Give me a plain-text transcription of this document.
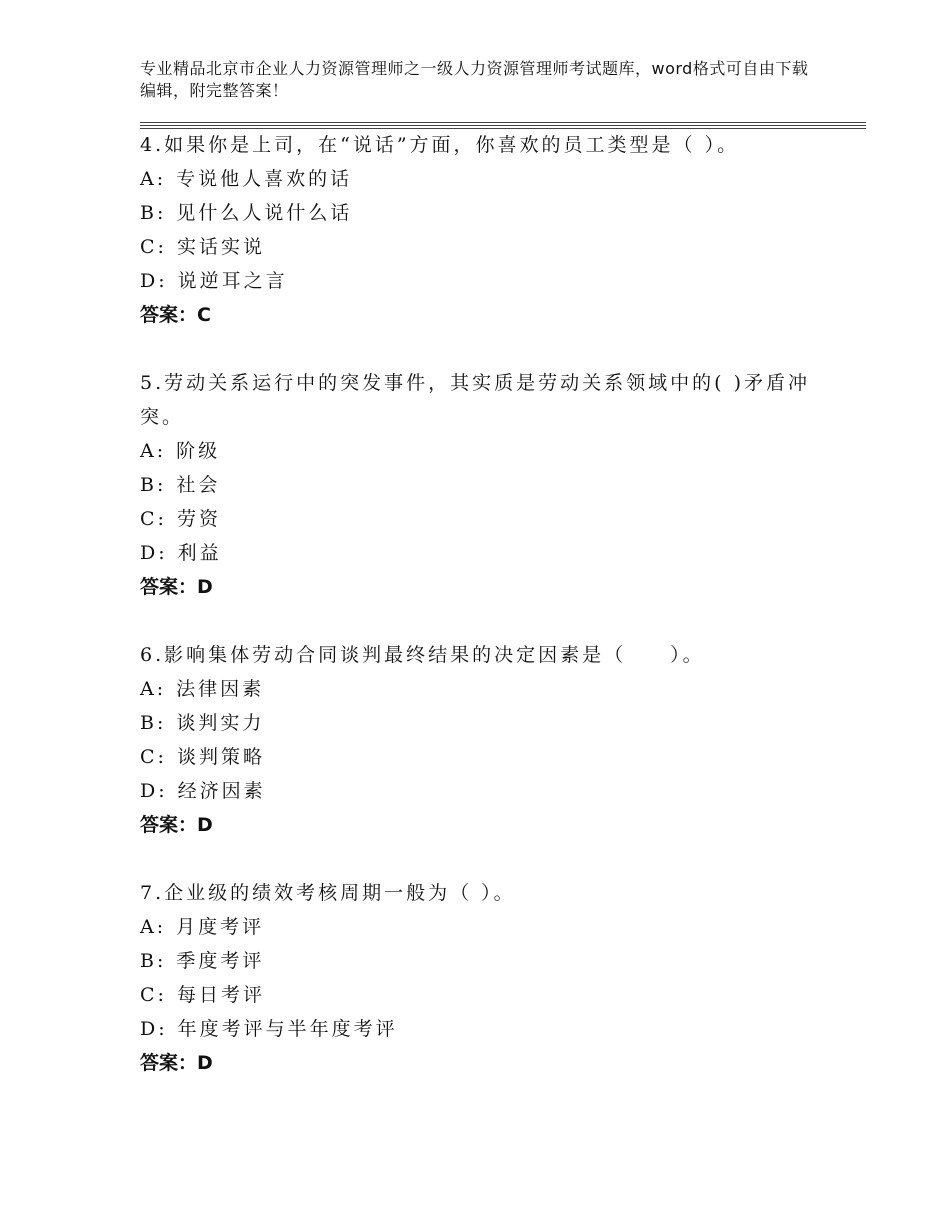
专业精品北京市企业人力资源管理师之一级人力资源管理师考试题库，word格式可自由下载编辑，附完整答案！

4.如果你是上司，在“说话”方面，你喜欢的员工类型是（ ）。

A: 专说他人喜欢的话

B: 见什么人说什么话

C: 实话实说

D: 说逆耳之言

答案：C

5.劳动关系运行中的突发事件，其实质是劳动关系领域中的( )矛盾冲突。

A: 阶级

B: 社会

C: 劳资

D: 利益

答案：D

6.影响集体劳动合同谈判最终结果的决定因素是（　　）。

A: 法律因素

B: 谈判实力

C: 谈判策略

D: 经济因素

答案：D

7.企业级的绩效考核周期一般为（ ）。

A: 月度考评

B: 季度考评

C: 每日考评

D: 年度考评与半年度考评

答案：D
